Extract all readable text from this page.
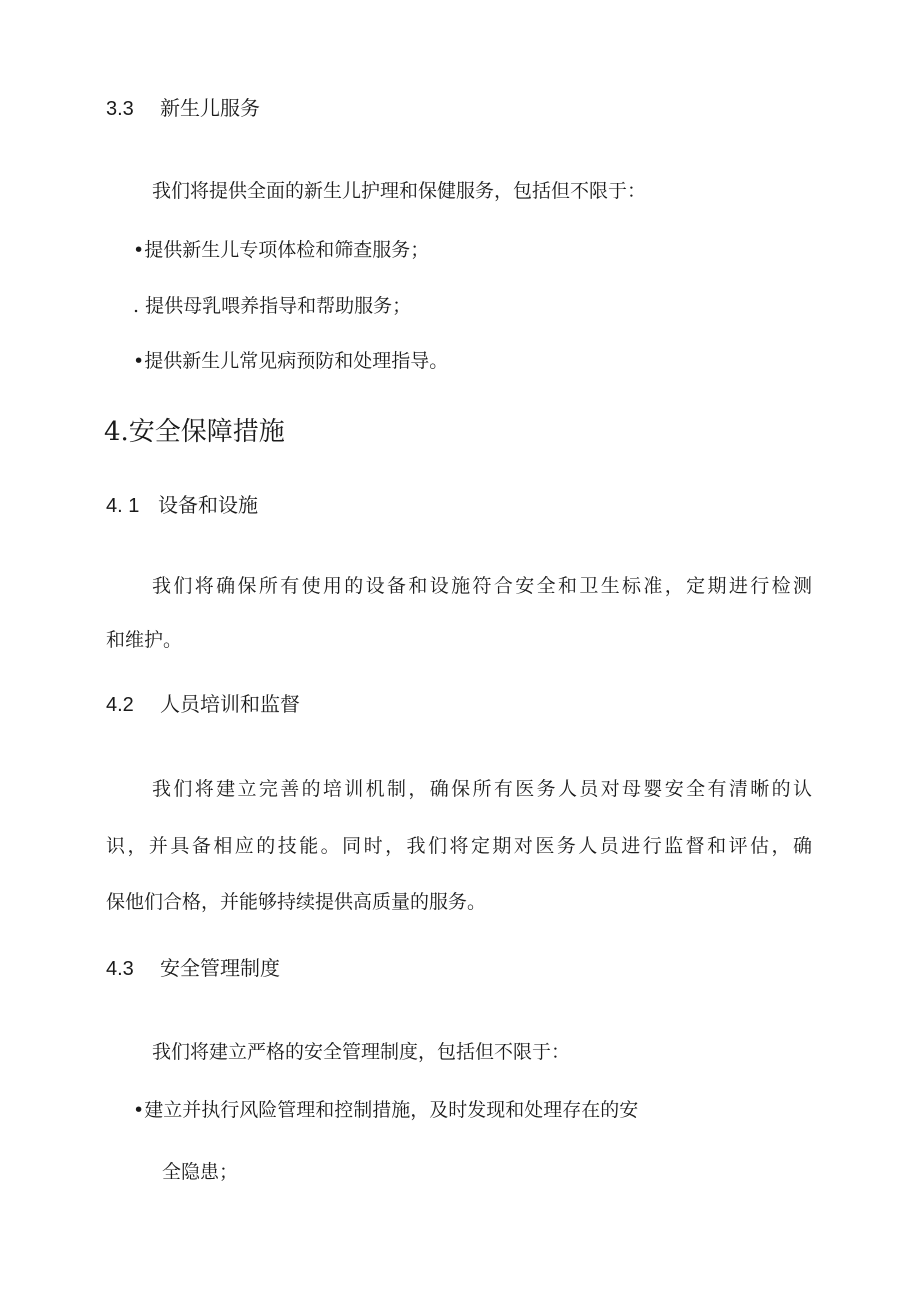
3.3 新生儿服务
我们将提供全面的新生儿护理和保健服务，包括但不限于：
•提供新生儿专项体检和筛查服务；
. 提供母乳喂养指导和帮助服务；
•提供新生儿常见病预防和处理指导。
4.安全保障措施
4. 1 设备和设施
我们将确保所有使用的设备和设施符合安全和卫生标准，定期进行检测
和维护。
4.2 人员培训和监督
我们将建立完善的培训机制，确保所有医务人员对母婴安全有清晰的认
识，并具备相应的技能。同时，我们将定期对医务人员进行监督和评估，确
保他们合格，并能够持续提供高质量的服务。
4.3 安全管理制度
我们将建立严格的安全管理制度，包括但不限于：
•建立并执行风险管理和控制措施，及时发现和处理存在的安
全隐患；
